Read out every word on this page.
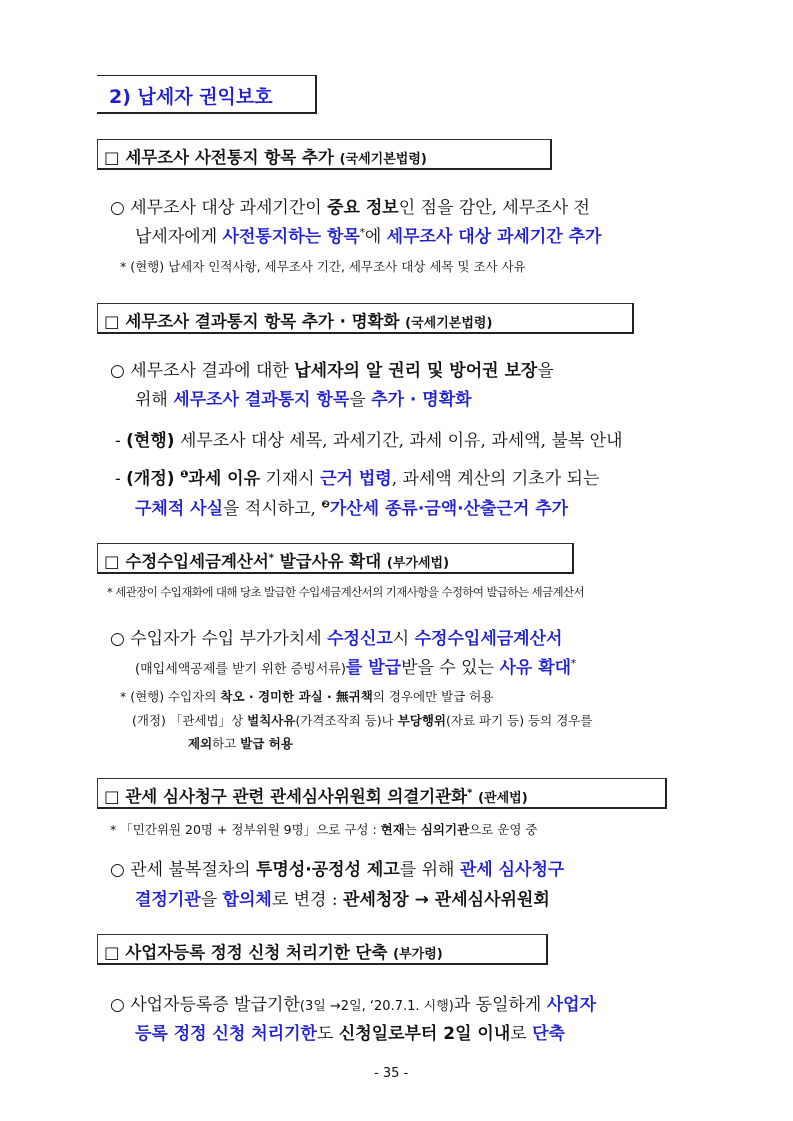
2) 납세자 권익보호
□ 세무조사 사전통지 항목 추가 (국세기본법령)
○ 세무조사 대상 과세기간이 중요 정보인 점을 감안, 세무조사 전
납세자에게 사전통지하는 항목*에 세무조사 대상 과세기간 추가
* (현행) 납세자 인적사항, 세무조사 기간, 세무조사 대상 세목 및 조사 사유
□ 세무조사 결과통지 항목 추가 · 명확화 (국세기본법령)
○ 세무조사 결과에 대한 납세자의 알 권리 및 방어권 보장을
위해 세무조사 결과통지 항목을 추가 · 명확화
- (현행) 세무조사 대상 세목, 과세기간, 과세 이유, 과세액, 불복 안내
- (개정) $^❶$과세 이유 기재시 근거 법령, 과세액 계산의 기초가 되는
구체적 사실을 적시하고, $^❷$가산세 종류·금액·산출근거 추가
□ 수정수입세금계산서* 발급사유 확대 (부가세법)
* 세관장이 수입재화에 대해 당초 발급한 수입세금계산서의 기재사항을 수정하여 발급하는 세금계산서
○ 수입자가 수입 부가가치세 수정신고시 수정수입세금계산서
(매입세액공제를 받기 위한 증빙서류)를 발급받을 수 있는 사유 확대*
* (현행) 수입자의 착오 · 경미한 과실 · 無귀책의 경우에만 발급 허용
(개정) 「관세법」상 벌칙사유(가격조작죄 등)나 부당행위(자료 파기 등) 등의 경우를
제외하고 발급 허용
□ 관세 심사청구 관련 관세심사위원회 의결기관화* (관세법)
* 「민간위원 20명 + 정부위원 9명」으로 구성 : 현재는 심의기관으로 운영 중
○ 관세 불복절차의 투명성·공정성 제고를 위해 관세 심사청구
결정기관을 합의체로 변경 : 관세청장 → 관세심사위원회
□ 사업자등록 정정 신청 처리기한 단축 (부가령)
○ 사업자등록증 발급기한(3일 →2일, ‘20.7.1. 시행)과 동일하게 사업자
등록 정정 신청 처리기한도 신청일로부터 2일 이내로 단축
- 35 -
